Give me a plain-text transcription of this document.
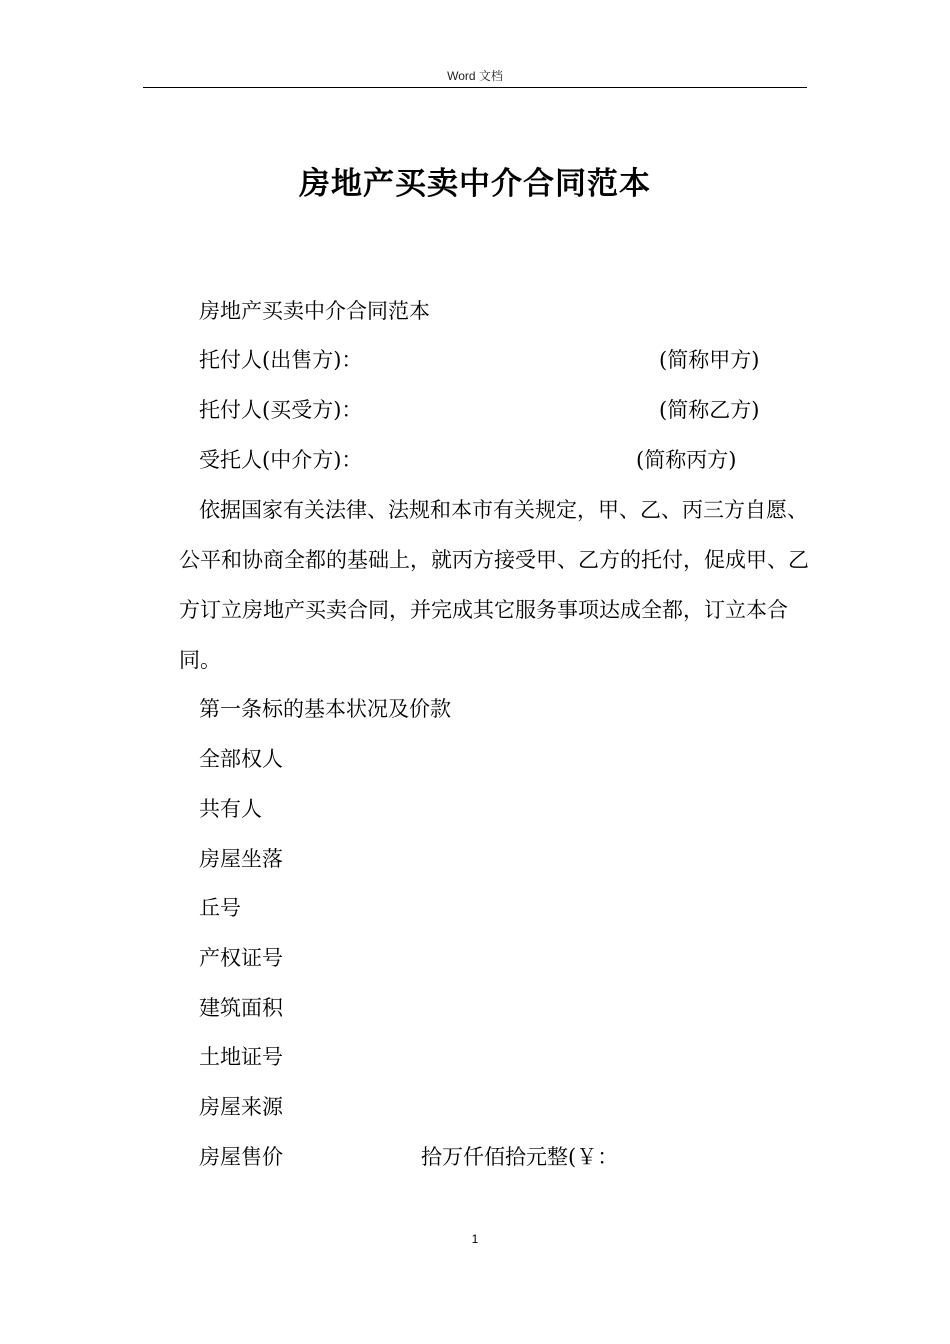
Word 文档
房地产买卖中介合同范本
房地产买卖中介合同范本
托付人(出售方)：	(简称甲方)
托付人(买受方)：	(简称乙方)
受托人(中介方)：	(简称丙方)
依据国家有关法律、法规和本市有关规定，甲、乙、丙三方自愿、公平和协商全都的基础上，就丙方接受甲、乙方的托付，促成甲、乙方订立房地产买卖合同，并完成其它服务事项达成全都，订立本合同。
第一条标的基本状况及价款
全部权人
共有人
房屋坐落
丘号
产权证号
建筑面积
土地证号
房屋来源
房屋售价	拾万仟佰拾元整(￥：
1
